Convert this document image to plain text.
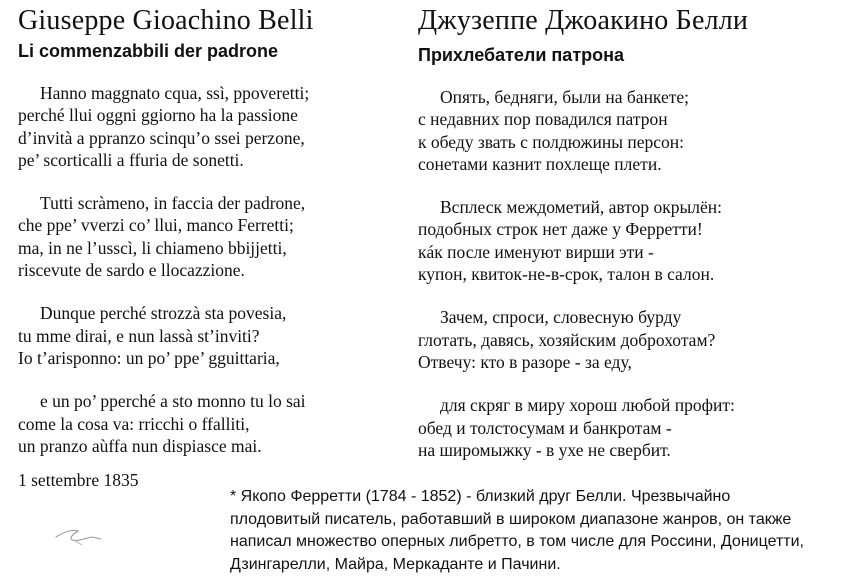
Giuseppe Gioachino Belli
Li commenzabbili der padrone
Hanno maggnato cqua, ssì, ppoveretti;
perché llui oggni ggiorno ha la passione
d’invità a ppranzo scinqu’o ssei perzone,
pe’ scorticalli a ffuria de sonetti.
Tutti scràmeno, in faccia der padrone,
che ppe’ vverzi co’ llui, manco Ferretti;
ma, in ne l’usscì, li chiameno bbijjetti,
riscevute de sardo e llocazzione.
Dunque perché strozzà sta povesia,
tu mme dirai, e nun lassà st’inviti?
Io t’arisponno: un po’ ppe’ gguittaria,
e un po’ pperché a sto monno tu lo sai
come la cosa va: rricchi o ffalliti,
un pranzo aùffa nun dispiasce mai.
Джузеппе Джоакино Белли
Прихлебатели патрона
Опять, бедняги, были на банкете;
с недавних пор повадился патрон
к обеду звать с полдюжины персон:
сонетами казнит похлеще плети.
Всплеск междометий, автор окрылён:
подобных строк нет даже у Ферретти!
кáк после именуют вирши эти -
купон, квиток-не-в-срок, талон в салон.
Зачем, спроси, словесную бурду
глотать, давясь, хозяйским доброхотам?
Отвечу: кто в разоре - за еду,
для скряг в миру хорош любой профит:
обед и толстосумам и банкротам -
на широмыжку - в ухе не свербит.

1 settembre 1835

* Якопо Ферретти (1784 - 1852) - близкий друг Белли. Чрезвычайно
плодовитый писатель, работавший в широком диапазоне жанров, он также
написал множество оперных либретто, в том числе для Россини, Доницетти,
Дзингарелли, Майра, Меркаданте и Пачини.
